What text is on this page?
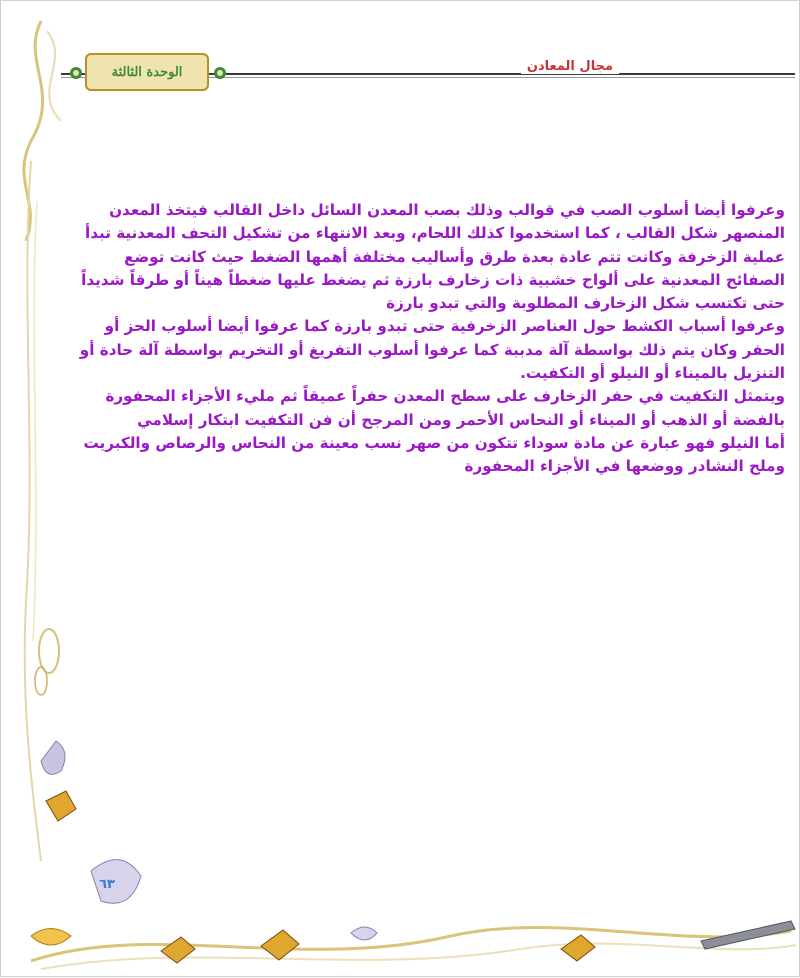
الوحدة الثالثة	مجال المعادن

وعرفوا أيضا أسلوب الصب في قوالب وذلك بصب المعدن السائل داخل القالب فيتخذ المعدن المنصهر شكل القالب ، كما استخدموا كذلك اللحام، وبعد الانتهاء من تشكيل التحف المعدنية تبدأ عملية الزخرفة وكانت تتم عادة بعدة طرق وأساليب مختلفة أهمها الضغط حيث كانت توضع الصفائح المعدنية على ألواح خشبية ذات زخارف بارزة ثم يضغط عليها ضغطاً هيناً أو طرقاً شديداً حتى تكتسب شكل الزخارف المطلوبة والتي تبدو بارزة

وعرفوا أسباب الكشط حول العناصر الزخرفية حتى تبدو بارزة كما عرفوا أيضا أسلوب الحز أو الحفر وكان يتم ذلك بواسطة آلة مدببة كما عرفوا أسلوب التفريغ أو التخريم بواسطة آلة حادة أو التنزيل بالميناء أو النيلو أو التكفيت.

ويتمثل التكفيت في حفر الزخارف على سطح المعدن حفراً عميقاً ثم مليء الأجزاء المحفورة بالفضة أو الذهب أو الميناء أو النحاس الأحمر ومن المرجح أن فن التكفيت ابتكار إسلامي

أما النيلو فهو عبارة عن مادة سوداء تتكون من صهر نسب معينة من النحاس والرصاص والكبريت وملح النشادر ووضعها في الأجزاء المحفورة

٦٣
